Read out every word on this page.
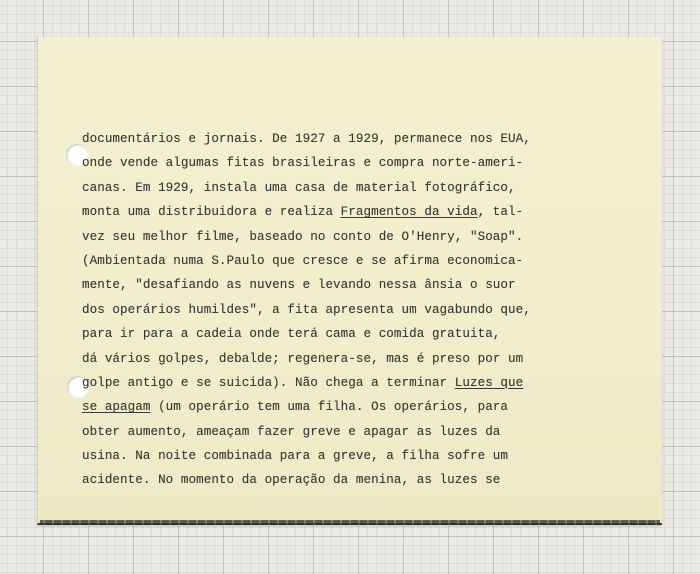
documentários e jornais. De 1927 a 1929, permanece nos EUA,
onde vende algumas fitas brasileiras e compra norte-ameri-
canas. Em 1929, instala uma casa de material fotográfico,
monta uma distribuidora e realiza Fragmentos da vida, tal-
vez seu melhor filme, baseado no conto de O'Henry, "Soap".
(Ambientada numa S.Paulo que cresce e se afirma economica-
mente, "desafiando as nuvens e levando nessa ânsia o suor
dos operários humildes", a fita apresenta um vagabundo que,
para ir para a cadeia onde terá cama e comida gratuita,
dá vários golpes, debalde; regenera-se, mas é preso por um
golpe antigo e se suicida). Não chega a terminar Luzes que
se apagam (um operário tem uma filha. Os operários, para
obter aumento, ameaçam fazer greve e apagar as luzes da
usina. Na noite combinada para a greve, a filha sofre um
acidente. No momento da operação da menina, as luzes se
